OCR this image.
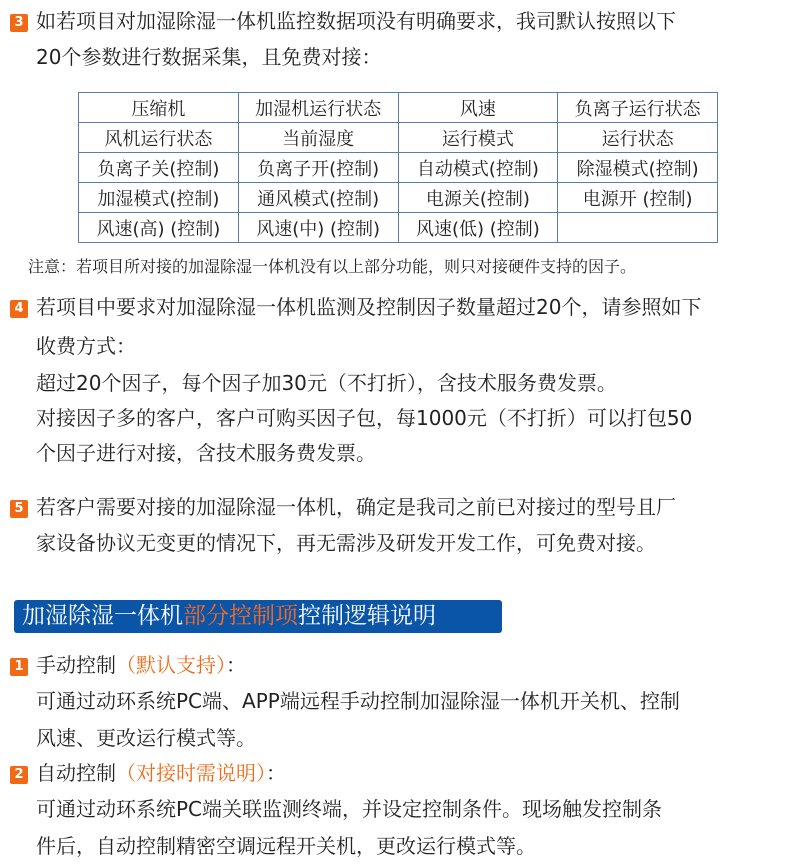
3 如若项目对加湿除湿一体机监控数据项没有明确要求，我司默认按照以下
20个参数进行数据采集，且免费对接：
压缩机	加湿机运行状态	风速	负离子运行状态
风机运行状态	当前湿度	运行模式	运行状态
负离子关(控制)	负离子开(控制)	自动模式(控制)	除湿模式(控制)
加湿模式(控制)	通风模式(控制)	电源关(控制)	电源开 (控制)
风速(高) (控制)	风速(中) (控制)	风速(低) (控制)	
注意：若项目所对接的加湿除湿一体机没有以上部分功能，则只对接硬件支持的因子。
4 若项目中要求对加湿除湿一体机监测及控制因子数量超过20个，请参照如下
收费方式：
超过20个因子，每个因子加30元（不打折），含技术服务费发票。
对接因子多的客户，客户可购买因子包，每1000元（不打折）可以打包50
个因子进行对接，含技术服务费发票。
5 若客户需要对接的加湿除湿一体机，确定是我司之前已对接过的型号且厂
家设备协议无变更的情况下，再无需涉及研发开发工作，可免费对接。
加湿除湿一体机部分控制项控制逻辑说明
1 手动控制（默认支持）：
可通过动环系统PC端、APP端远程手动控制加湿除湿一体机开关机、控制
风速、更改运行模式等。
2 自动控制（对接时需说明）：
可通过动环系统PC端关联监测终端，并设定控制条件。现场触发控制条
件后，自动控制精密空调远程开关机，更改运行模式等。
